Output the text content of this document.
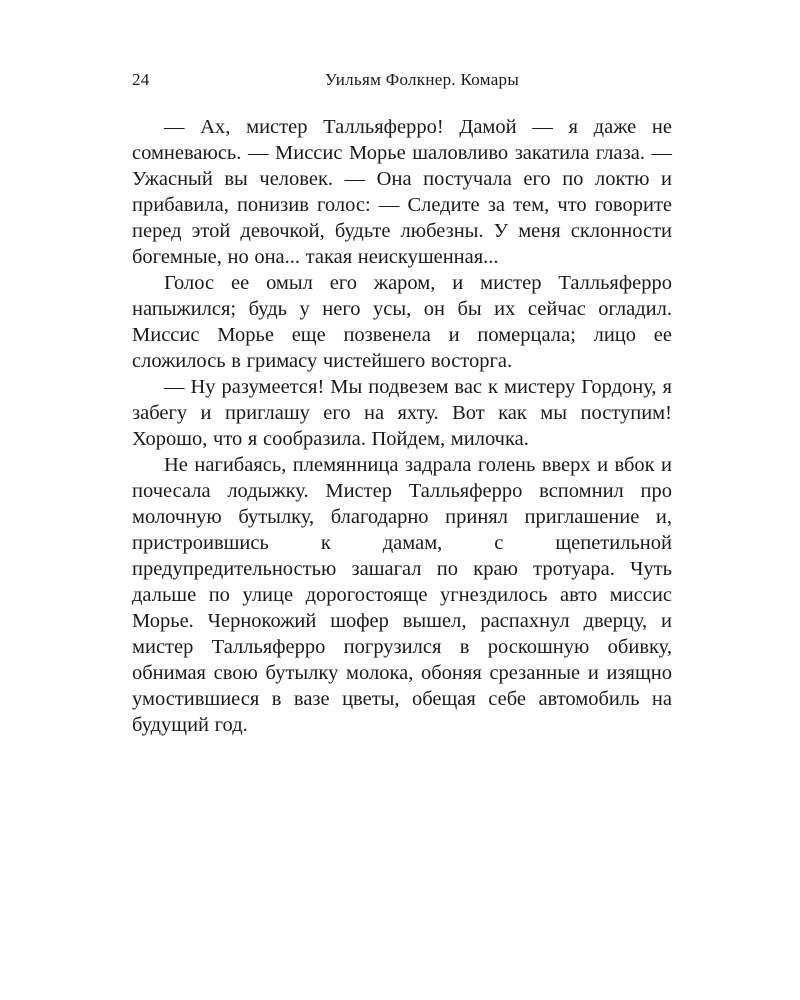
24	Уильям Фолкнер. Комары

— Ах, мистер Талльяферро! Дамой — я даже не сомневаюсь. — Миссис Морье шаловливо закатила глаза. — Ужасный вы человек. — Она постучала его по локтю и прибавила, понизив голос: — Следите за тем, что говорите перед этой девочкой, будьте любезны. У меня склонности богемные, но она... такая неискушенная...

Голос ее омыл его жаром, и мистер Талльяферро напыжился; будь у него усы, он бы их сейчас огладил. Миссис Морье еще позвенела и померцала; лицо ее сложилось в гримасу чистейшего восторга.

— Ну разумеется! Мы подвезем вас к мистеру Гордону, я забегу и приглашу его на яхту. Вот как мы поступим! Хорошо, что я сообразила. Пойдем, милочка.

Не нагибаясь, племянница задрала голень вверх и вбок и почесала лодыжку. Мистер Талльяферро вспомнил про молочную бутылку, благодарно принял приглашение и, пристроившись к дамам, с щепетильной предупредительностью зашагал по краю тротуара. Чуть дальше по улице дорогостояще угнездилось авто миссис Морье. Чернокожий шофер вышел, распахнул дверцу, и мистер Талльяферро погрузился в роскошную обивку, обнимая свою бутылку молока, обоняя срезанные и изящно умостившиеся в вазе цветы, обещая себе автомобиль на будущий год.
